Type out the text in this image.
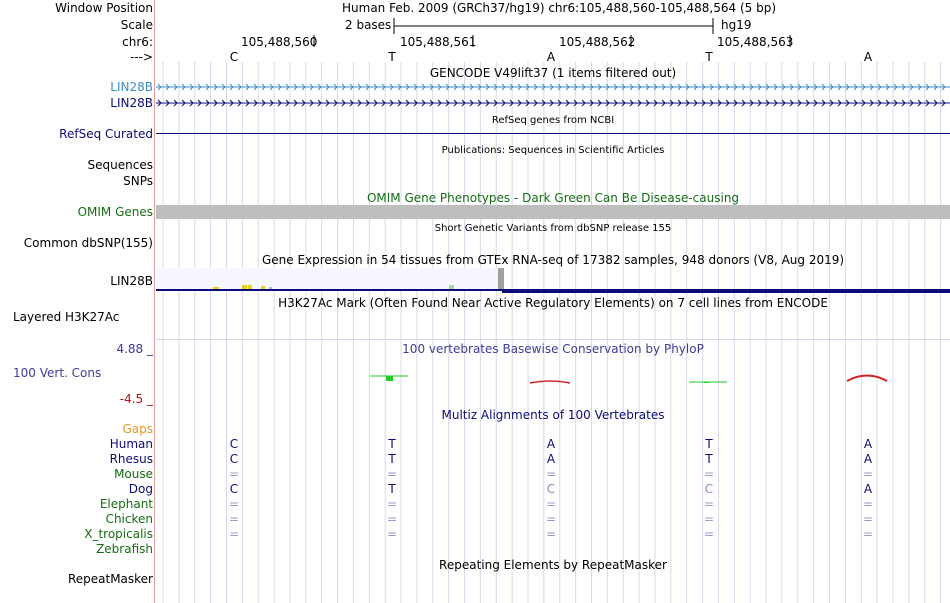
Window Position
Scale
chr6:
--->
Human Feb. 2009 (GRCh37/hg19) chr6:105,488,560-105,488,564 (5 bp)
2 bases	hg19
105,488,560	105,488,561	105,488,562	105,488,563
C	T	A	T	A
GENCODE V49lift37 (1 items filtered out)
LIN28B
LIN28B
RefSeq genes from NCBI
RefSeq Curated
Publications: Sequences in Scientific Articles
Sequences
SNPs
OMIM Gene Phenotypes - Dark Green Can Be Disease-causing
OMIM Genes
Short Genetic Variants from dbSNP release 155
Common dbSNP(155)
Gene Expression in 54 tissues from GTEx RNA-seq of 17382 samples, 948 donors (V8, Aug 2019)
LIN28B
H3K27Ac Mark (Often Found Near Active Regulatory Elements) on 7 cell lines from ENCODE
Layered H3K27Ac
4.88 _	100 vertebrates Basewise Conservation by PhyloP
100 Vert. Cons
-4.5 _
Multiz Alignments of 100 Vertebrates
Gaps
Human	C	T	A	T	A
Rhesus	C	T	A	T	A
Mouse	=	=	=	=	=
Dog	C	T	C	C	A
Elephant	=	=	=	=	=
Chicken	=	=	=	=	=
X_tropicalis	=	=	=	=	=
Zebrafish
Repeating Elements by RepeatMasker
RepeatMasker
